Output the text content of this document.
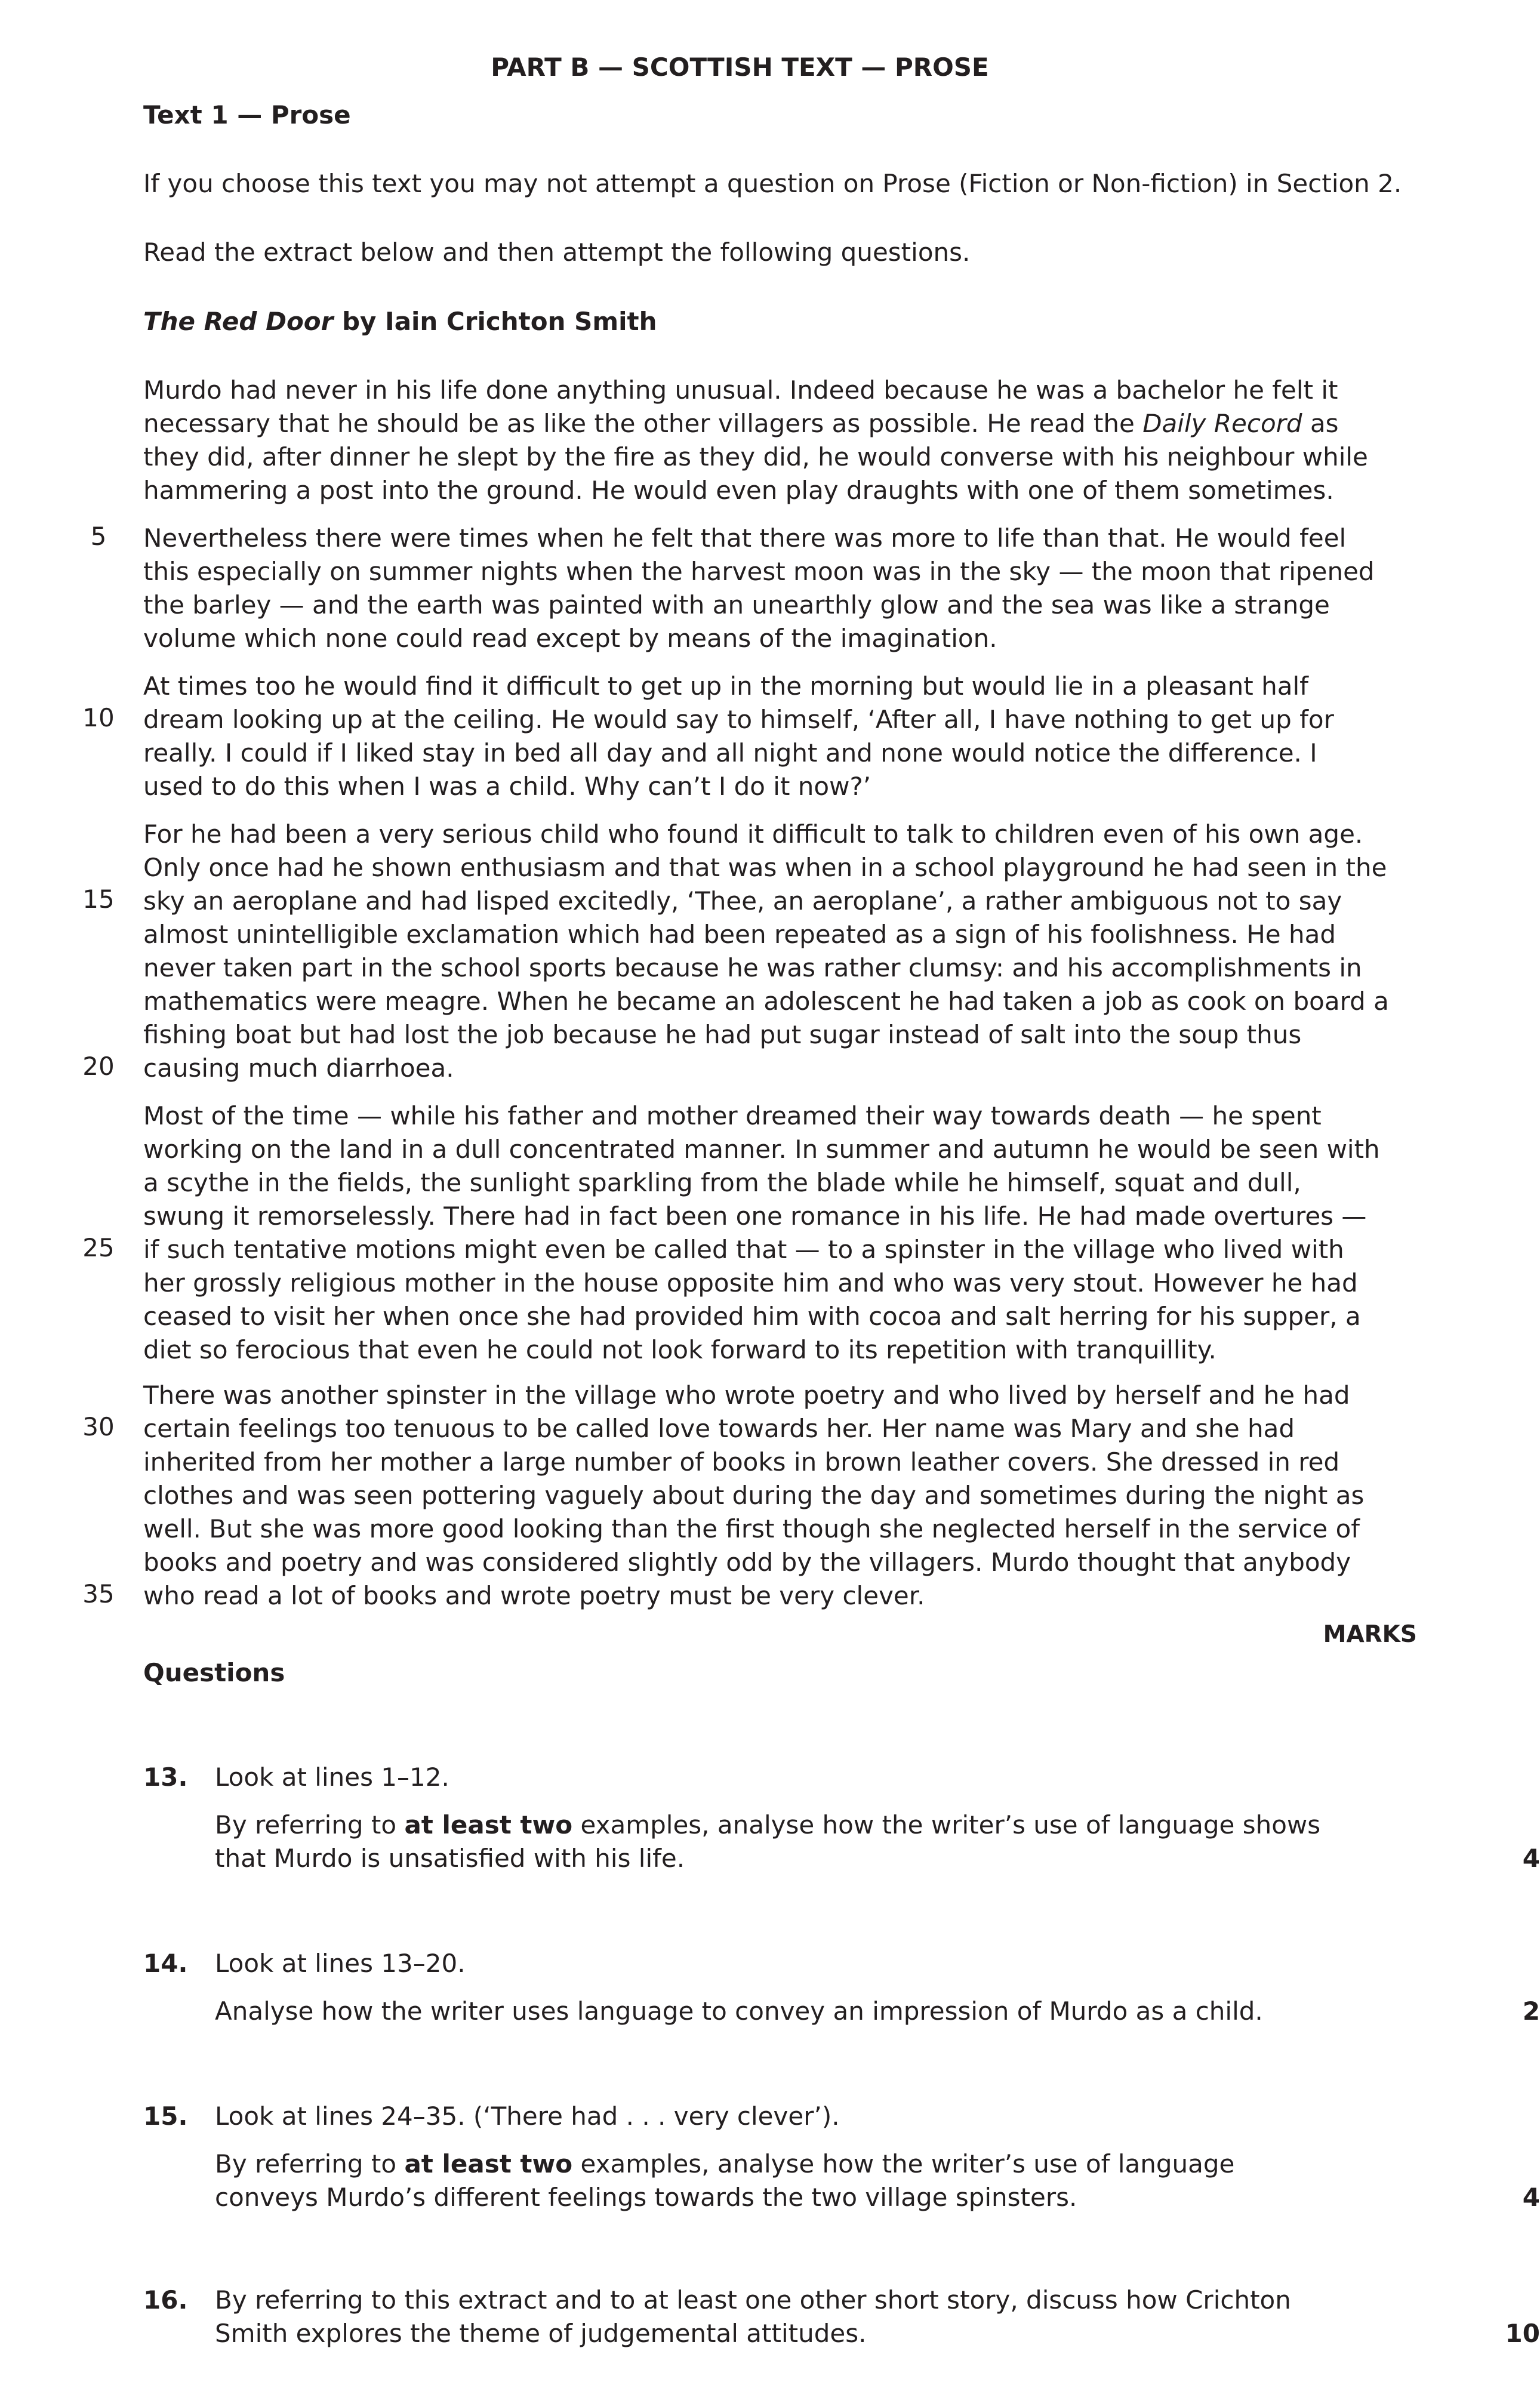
PART B — SCOTTISH TEXT — PROSE
Text 1 — Prose
If you choose this text you may not attempt a question on Prose (Fiction or Non-fiction) in Section 2.
Read the extract below and then attempt the following questions.
The Red Door by Iain Crichton Smith

Murdo had never in his life done anything unusual. Indeed because he was a bachelor he felt it

necessary that he should be as like the other villagers as possible. He read the Daily Record as

they did, after dinner he slept by the fire as they did, he would converse with his neighbour while

hammering a post into the ground. He would even play draughts with one of them sometimes.

Nevertheless there were times when he felt that there was more to life than that. He would feel

this especially on summer nights when the harvest moon was in the sky — the moon that ripened

the barley — and the earth was painted with an unearthly glow and the sea was like a strange

volume which none could read except by means of the imagination.

At times too he would find it difficult to get up in the morning but would lie in a pleasant half

dream looking up at the ceiling. He would say to himself, ‘After all, I have nothing to get up for

really. I could if I liked stay in bed all day and all night and none would notice the difference. I

used to do this when I was a child. Why can’t I do it now?’

For he had been a very serious child who found it difficult to talk to children even of his own age.

Only once had he shown enthusiasm and that was when in a school playground he had seen in the

sky an aeroplane and had lisped excitedly, ‘Thee, an aeroplane’, a rather ambiguous not to say

almost unintelligible exclamation which had been repeated as a sign of his foolishness. He had

never taken part in the school sports because he was rather clumsy: and his accomplishments in

mathematics were meagre. When he became an adolescent he had taken a job as cook on board a

fishing boat but had lost the job because he had put sugar instead of salt into the soup thus

causing much diarrhoea.

Most of the time — while his father and mother dreamed their way towards death — he spent

working on the land in a dull concentrated manner. In summer and autumn he would be seen with

a scythe in the fields, the sunlight sparkling from the blade while he himself, squat and dull,

swung it remorselessly. There had in fact been one romance in his life. He had made overtures —

if such tentative motions might even be called that — to a spinster in the village who lived with

her grossly religious mother in the house opposite him and who was very stout. However he had

ceased to visit her when once she had provided him with cocoa and salt herring for his supper, a

diet so ferocious that even he could not look forward to its repetition with tranquillity.

There was another spinster in the village who wrote poetry and who lived by herself and he had

certain feelings too tenuous to be called love towards her. Her name was Mary and she had

inherited from her mother a large number of books in brown leather covers. She dressed in red

clothes and was seen pottering vaguely about during the day and sometimes during the night as

well. But she was more good looking than the first though she neglected herself in the service of

books and poetry and was considered slightly odd by the villagers. Murdo thought that anybody

who read a lot of books and wrote poetry must be very clever.

5
10
15
20
25
30
35
MARKS
Questions
13. Look at lines 1–12.
By referring to at least two examples, analyse how the writer’s use of language shows
that Murdo is unsatisfied with his life.	4
14. Look at lines 13–20.
Analyse how the writer uses language to convey an impression of Murdo as a child.	2
15. Look at lines 24–35. (‘There had . . . very clever’).
By referring to at least two examples, analyse how the writer’s use of language
conveys Murdo’s different feelings towards the two village spinsters.	4
16. By referring to this extract and to at least one other short story, discuss how Crichton
Smith explores the theme of judgemental attitudes.	10
